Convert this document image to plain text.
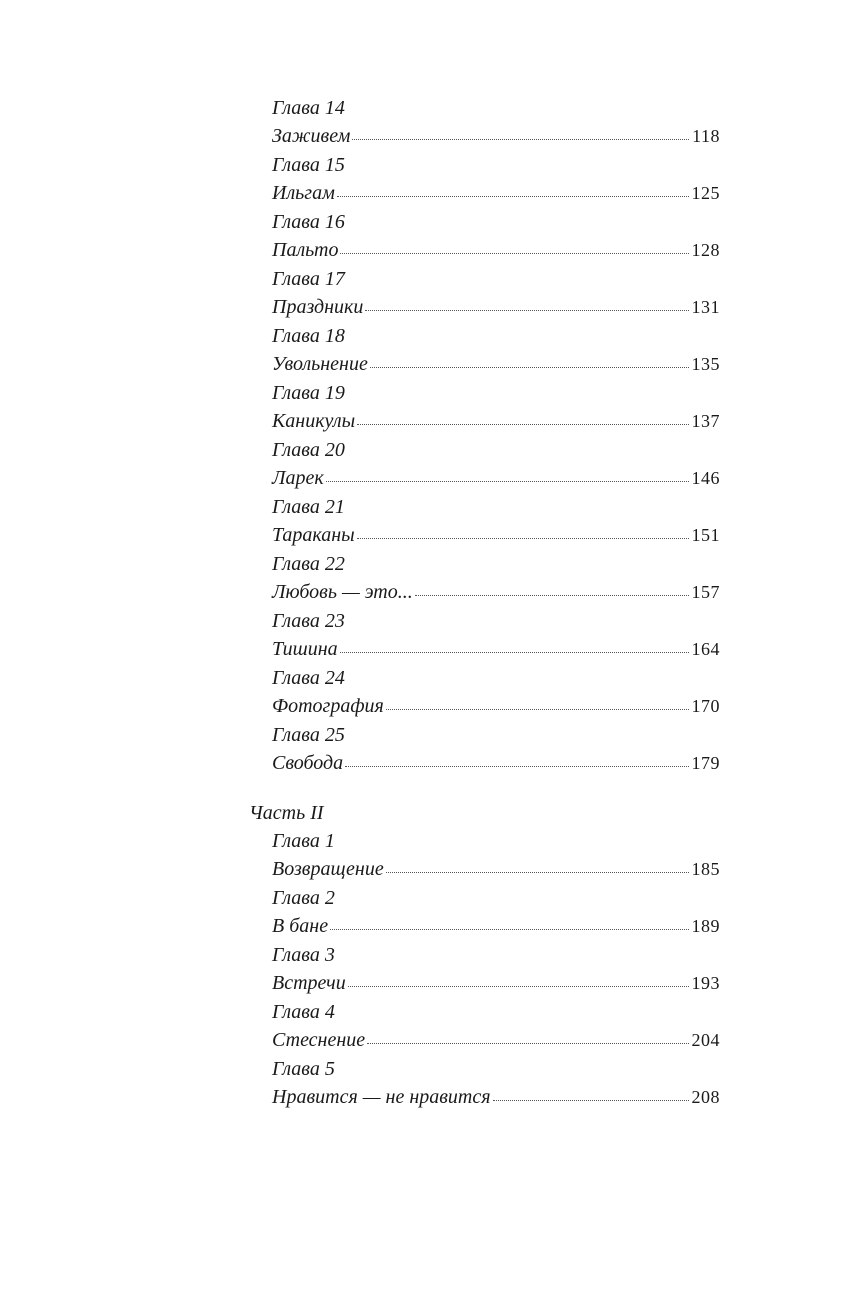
Глава 14
Заживем	118
Глава 15
Ильгам	125
Глава 16
Пальто	128
Глава 17
Праздники	131
Глава 18
Увольнение	135
Глава 19
Каникулы	137
Глава 20
Ларек	146
Глава 21
Тараканы	151
Глава 22
Любовь — это...	157
Глава 23
Тишина	164
Глава 24
Фотография	170
Глава 25
Свобода	179
Часть II
Глава 1
Возвращение	185
Глава 2
В бане	189
Глава 3
Встречи	193
Глава 4
Стеснение	204
Глава 5
Нравится — не нравится	208
